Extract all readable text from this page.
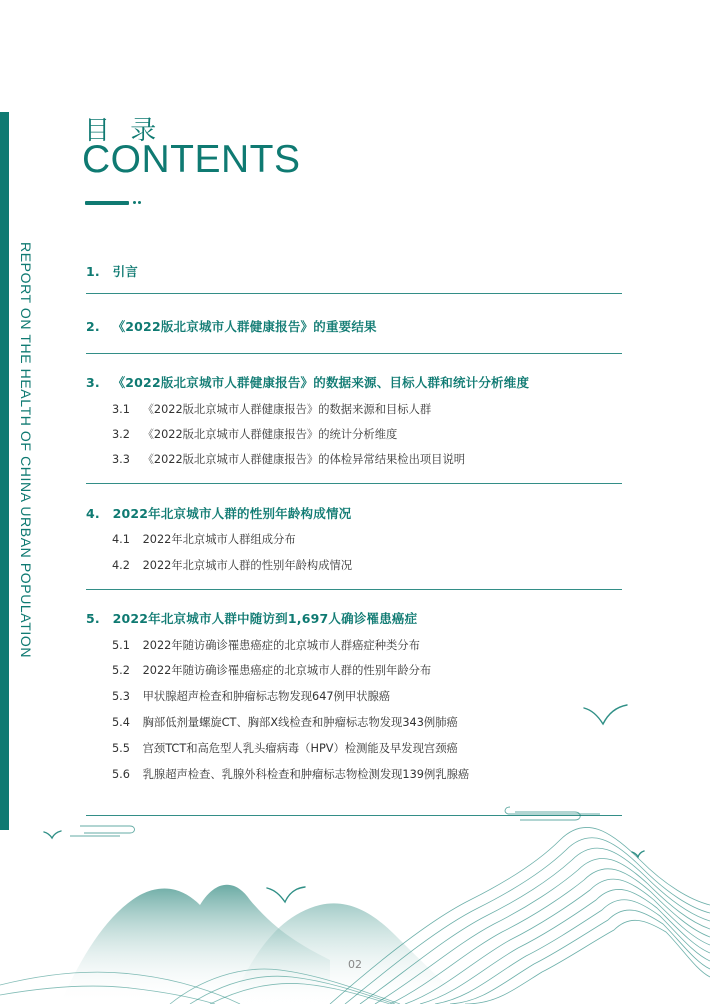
REPORT ON THE HEALTH OF CHINA URBAN POPULATION
目 录
CONTENTS
1. 引言
2. 《2022版北京城市人群健康报告》的重要结果
3. 《2022版北京城市人群健康报告》的数据来源、目标人群和统计分析维度
3.1 《2022版北京城市人群健康报告》的数据来源和目标人群
3.2 《2022版北京城市人群健康报告》的统计分析维度
3.3 《2022版北京城市人群健康报告》的体检异常结果检出项目说明
4. 2022年北京城市人群的性别年龄构成情况
4.1 2022年北京城市人群组成分布
4.2 2022年北京城市人群的性别年龄构成情况
5. 2022年北京城市人群中随访到1,697人确诊罹患癌症
5.1 2022年随访确诊罹患癌症的北京城市人群癌症种类分布
5.2 2022年随访确诊罹患癌症的北京城市人群的性别年龄分布
5.3 甲状腺超声检查和肿瘤标志物发现647例甲状腺癌
5.4 胸部低剂量螺旋CT、胸部X线检查和肿瘤标志物发现343例肺癌
5.5 宫颈TCT和高危型人乳头瘤病毒（HPV）检测能及早发现宫颈癌
5.6 乳腺超声检查、乳腺外科检查和肿瘤标志物检测发现139例乳腺癌
02
